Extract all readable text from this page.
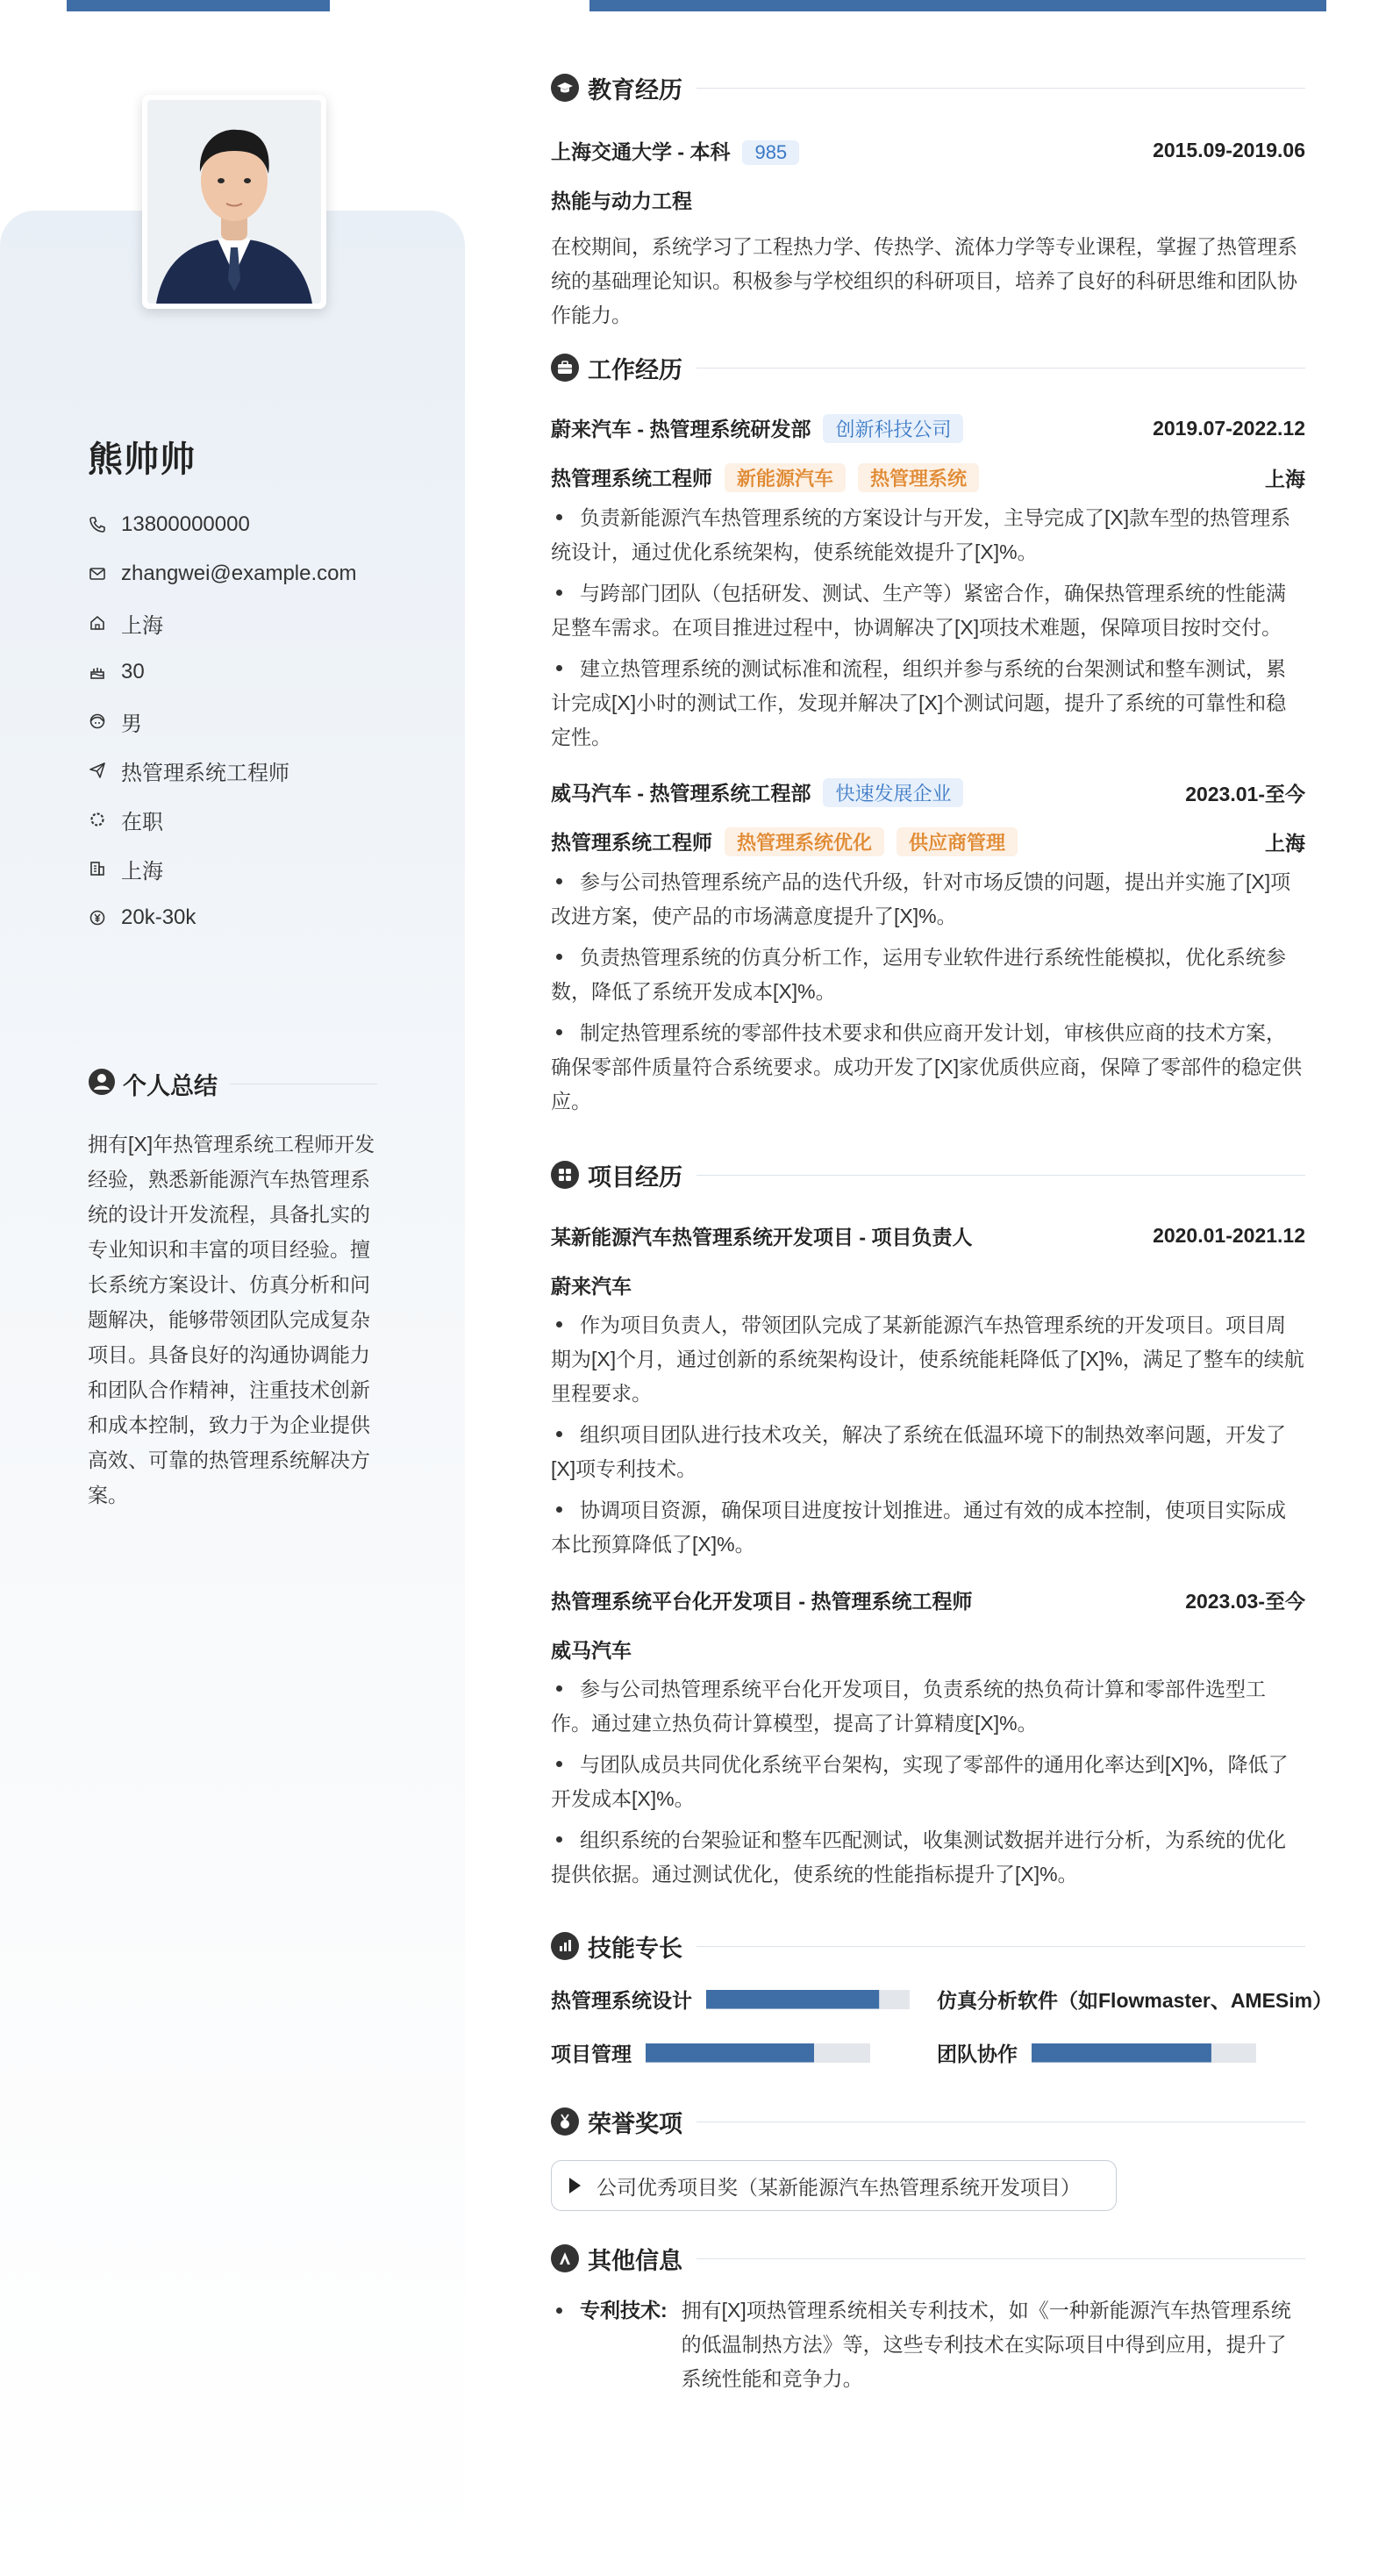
熊帅帅
13800000000
zhangwei@example.com
上海
30
男
热管理系统工程师
在职
上海
20k-30k
个人总结
拥有[X]年热管理系统工程师开发经验，熟悉新能源汽车热管理系统的设计开发流程，具备扎实的专业知识和丰富的项目经验。擅长系统方案设计、仿真分析和问题解决，能够带领团队完成复杂项目。具备良好的沟通协调能力和团队合作精神，注重技术创新和成本控制，致力于为企业提供高效、可靠的热管理系统解决方案。
教育经历
上海交通大学 - 本科 985	2015.09-2019.06
热能与动力工程
在校期间，系统学习了工程热力学、传热学、流体力学等专业课程，掌握了热管理系统的基础理论知识。积极参与学校组织的科研项目，培养了良好的科研思维和团队协作能力。
工作经历
蔚来汽车 - 热管理系统研发部 创新科技公司	2019.07-2022.12
热管理系统工程师 新能源汽车 热管理系统	上海
负责新能源汽车热管理系统的方案设计与开发，主导完成了[X]款车型的热管理系统设计，通过优化系统架构，使系统能效提升了[X]%。
与跨部门团队（包括研发、测试、生产等）紧密合作，确保热管理系统的性能满足整车需求。在项目推进过程中，协调解决了[X]项技术难题，保障项目按时交付。
建立热管理系统的测试标准和流程，组织并参与系统的台架测试和整车测试，累计完成[X]小时的测试工作，发现并解决了[X]个测试问题，提升了系统的可靠性和稳定性。
威马汽车 - 热管理系统工程部 快速发展企业	2023.01-至今
热管理系统工程师 热管理系统优化 供应商管理	上海
参与公司热管理系统产品的迭代升级，针对市场反馈的问题，提出并实施了[X]项改进方案，使产品的市场满意度提升了[X]%。
负责热管理系统的仿真分析工作，运用专业软件进行系统性能模拟，优化系统参数，降低了系统开发成本[X]%。
制定热管理系统的零部件技术要求和供应商开发计划，审核供应商的技术方案，确保零部件质量符合系统要求。成功开发了[X]家优质供应商，保障了零部件的稳定供应。
项目经历
某新能源汽车热管理系统开发项目 - 项目负责人	2020.01-2021.12
蔚来汽车
作为项目负责人，带领团队完成了某新能源汽车热管理系统的开发项目。项目周期为[X]个月，通过创新的系统架构设计，使系统能耗降低了[X]%，满足了整车的续航里程要求。
组织项目团队进行技术攻关，解决了系统在低温环境下的制热效率问题，开发了[X]项专利技术。
协调项目资源，确保项目进度按计划推进。通过有效的成本控制，使项目实际成本比预算降低了[X]%。
热管理系统平台化开发项目 - 热管理系统工程师	2023.03-至今
威马汽车
参与公司热管理系统平台化开发项目，负责系统的热负荷计算和零部件选型工作。通过建立热负荷计算模型，提高了计算精度[X]%。
与团队成员共同优化系统平台架构，实现了零部件的通用化率达到[X]%，降低了开发成本[X]%。
组织系统的台架验证和整车匹配测试，收集测试数据并进行分析，为系统的优化提供依据。通过测试优化，使系统的性能指标提升了[X]%。
技能专长
热管理系统设计	仿真分析软件（如Flowmaster、AMESim）
项目管理	团队协作
荣誉奖项
公司优秀项目奖（某新能源汽车热管理系统开发项目）
其他信息
专利技术: 拥有[X]项热管理系统相关专利技术，如《一种新能源汽车热管理系统的低温制热方法》等，这些专利技术在实际项目中得到应用，提升了系统性能和竞争力。
